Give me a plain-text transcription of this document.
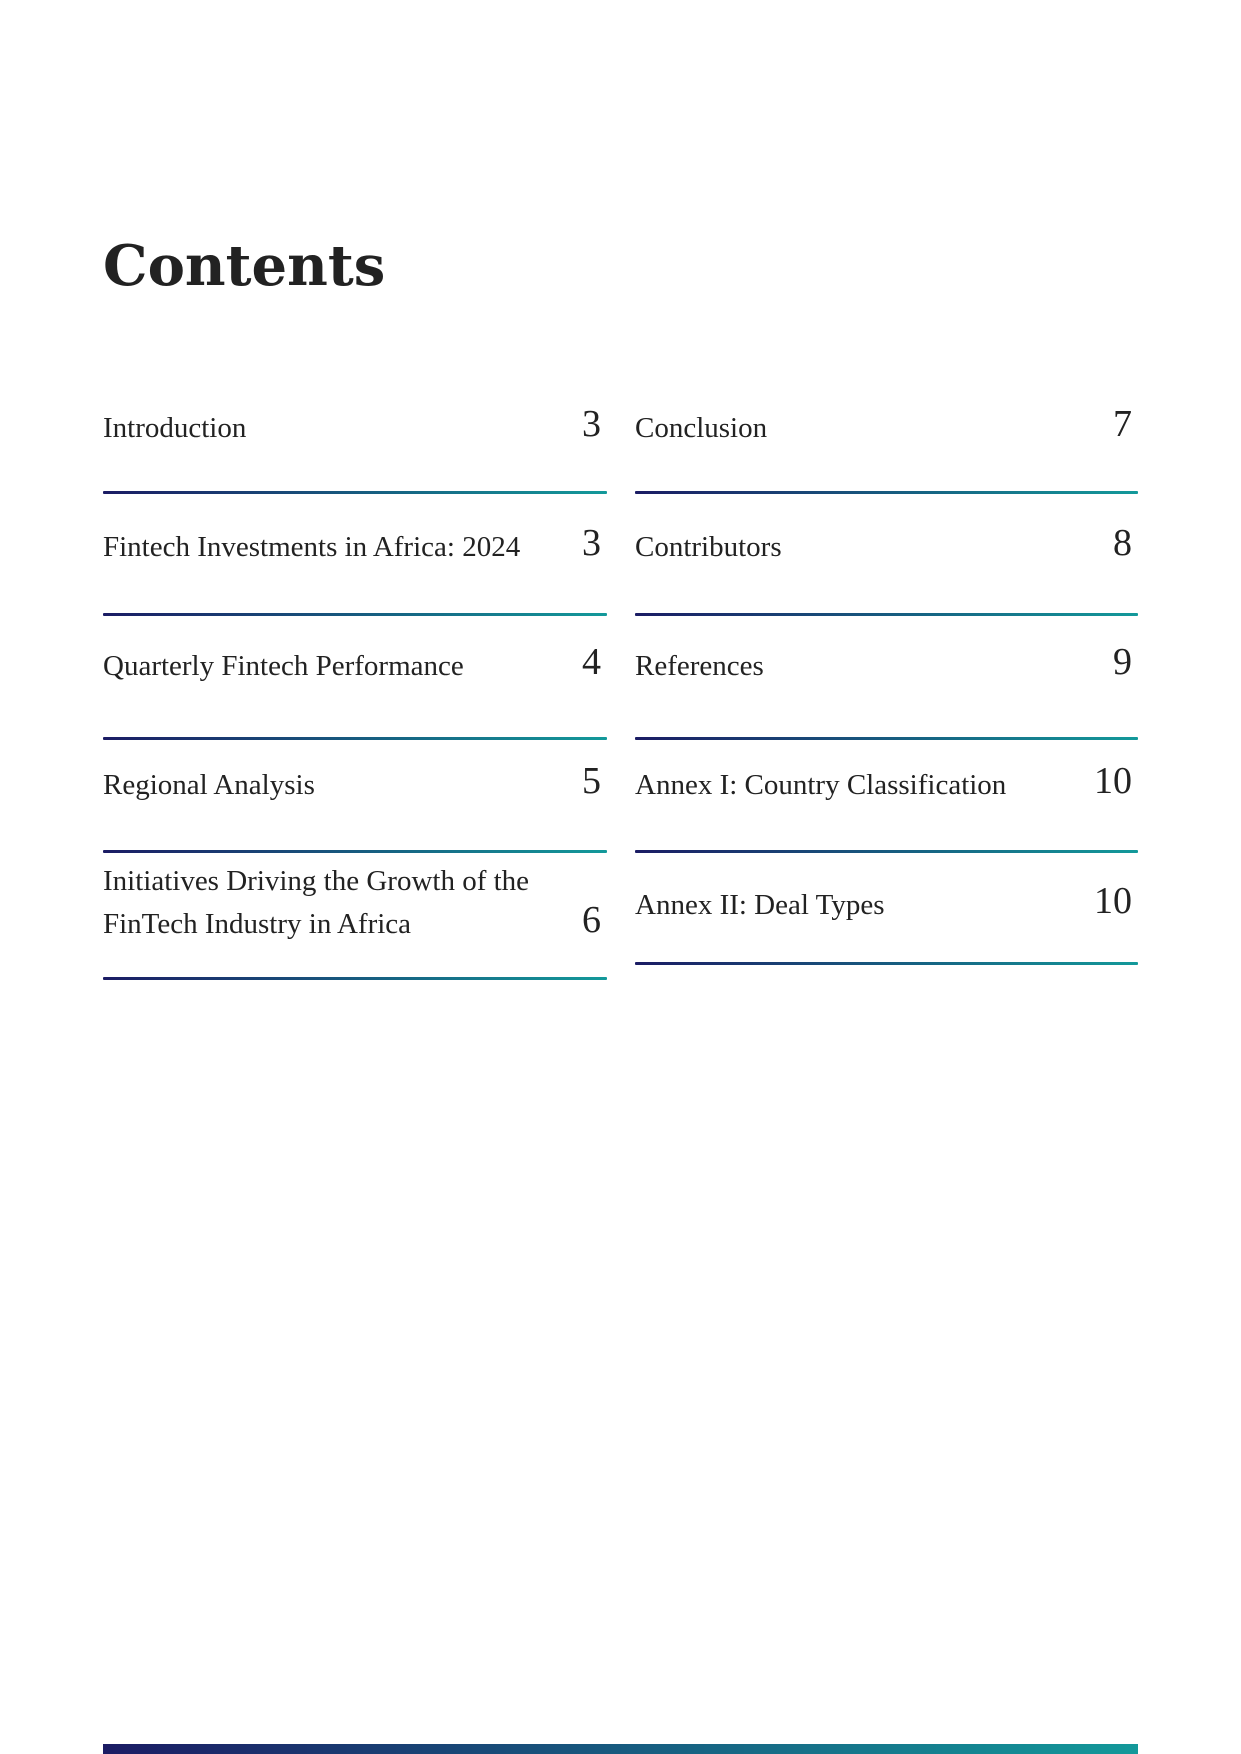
Contents
Introduction	3
Fintech Investments in Africa: 2024	3
Quarterly Fintech Performance	4
Regional Analysis	5
Initiatives Driving the Growth of the FinTech Industry in Africa	6
Conclusion	7
Contributors	8
References	9
Annex I: Country Classification	10
Annex II: Deal Types	10
